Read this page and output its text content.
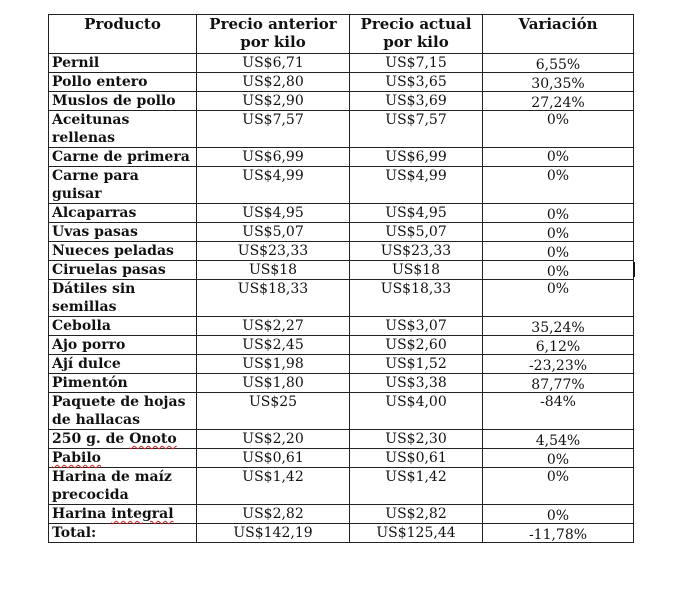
Producto	Precio anterior por kilo	Precio actual por kilo	Variación
Pernil	US$6,71	US$7,15	6,55%
Pollo entero	US$2,80	US$3,65	30,35%
Muslos de pollo	US$2,90	US$3,69	27,24%
Aceitunas rellenas	US$7,57	US$7,57	0%
Carne de primera	US$6,99	US$6,99	0%
Carne para guisar	US$4,99	US$4,99	0%
Alcaparras	US$4,95	US$4,95	0%
Uvas pasas	US$5,07	US$5,07	0%
Nueces peladas	US$23,33	US$23,33	0%
Ciruelas pasas	US$18	US$18	0%
Dátiles sin semillas	US$18,33	US$18,33	0%
Cebolla	US$2,27	US$3,07	35,24%
Ajo porro	US$2,45	US$2,60	6,12%
Ají dulce	US$1,98	US$1,52	-23,23%
Pimentón	US$1,80	US$3,38	87,77%
Paquete de hojas de hallacas	US$25	US$4,00	-84%
250 g. de Onoto	US$2,20	US$2,30	4,54%
Pabilo	US$0,61	US$0,61	0%
Harina de maíz precocida	US$1,42	US$1,42	0%
Harina integral	US$2,82	US$2,82	0%
Total:	US$142,19	US$125,44	-11,78%
